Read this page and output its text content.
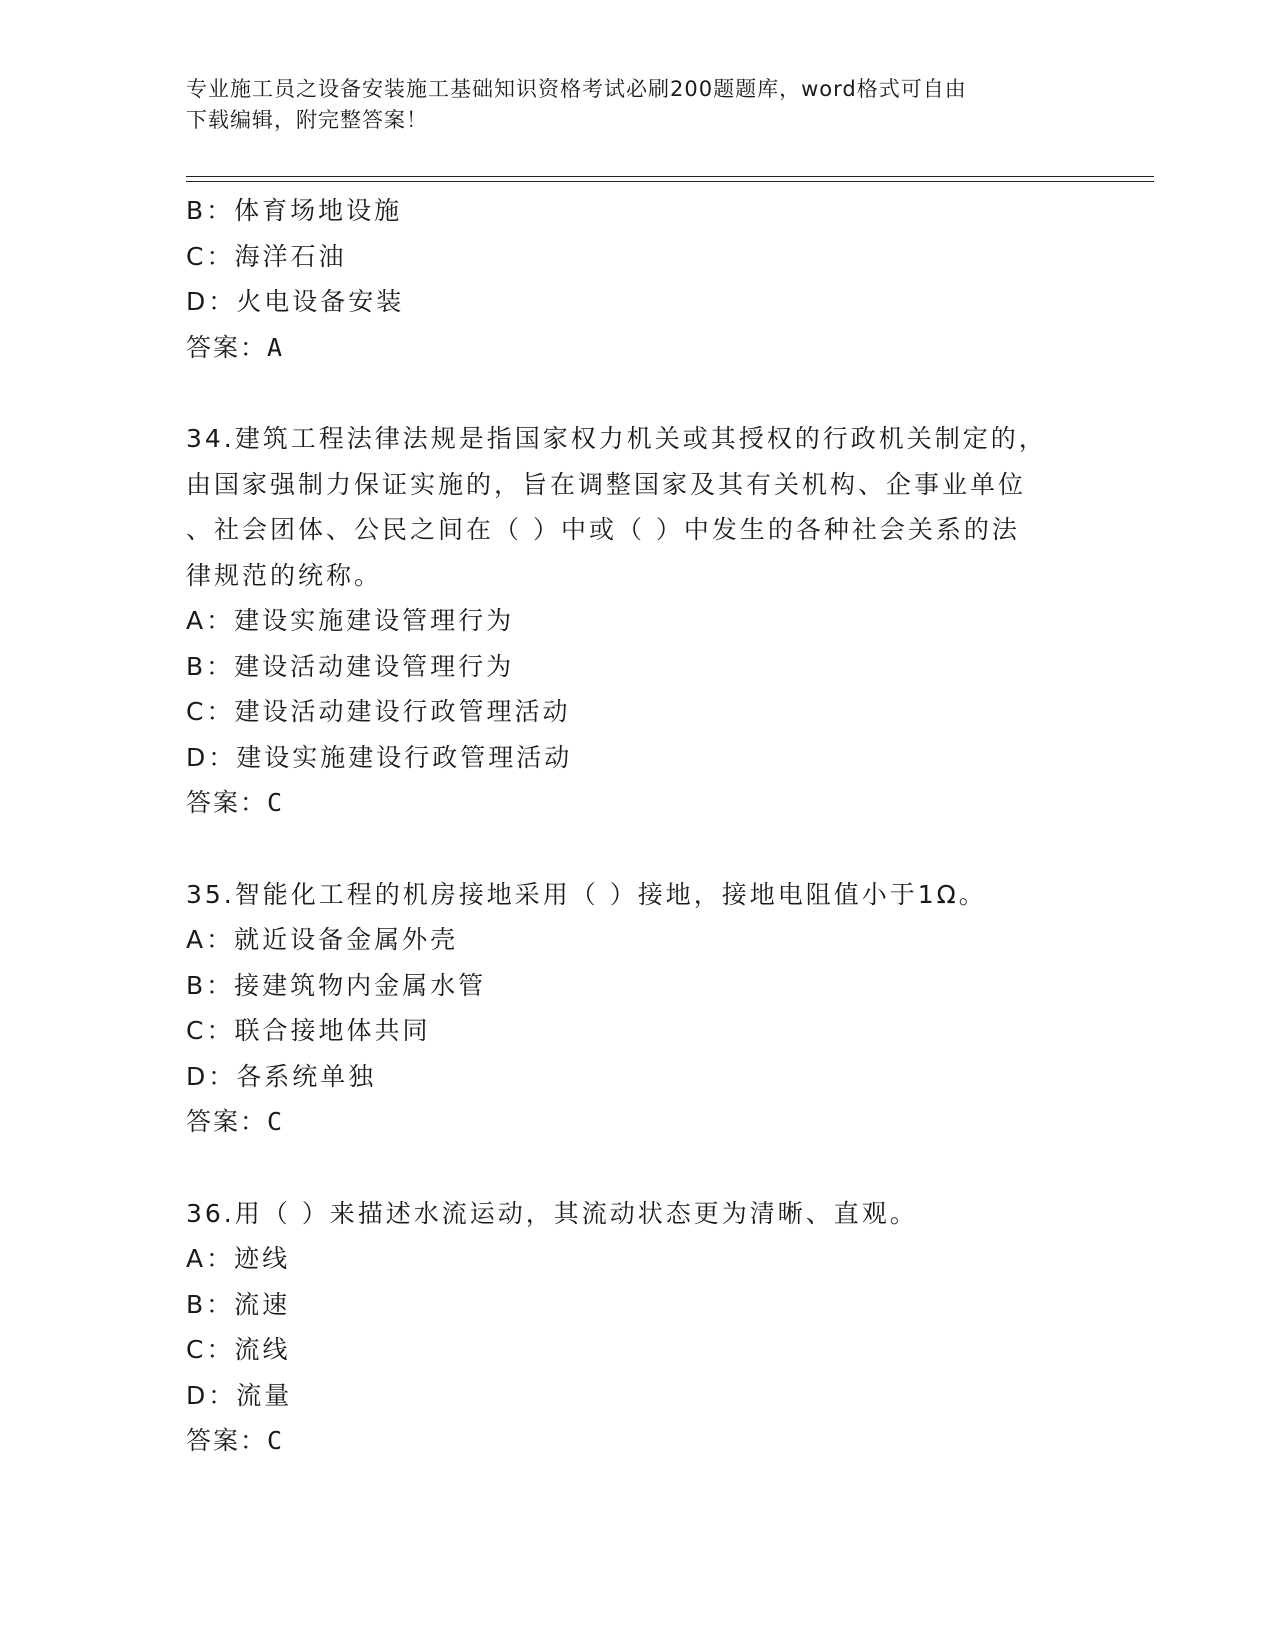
专业施工员之设备安装施工基础知识资格考试必刷200题题库，word格式可自由
下载编辑，附完整答案！
B：体育场地设施
C：海洋石油
D：火电设备安装
答案：A
34.建筑工程法律法规是指国家权力机关或其授权的行政机关制定的，
由国家强制力保证实施的，旨在调整国家及其有关机构、企事业单位
、社会团体、公民之间在（ ）中或（ ）中发生的各种社会关系的法
律规范的统称。
A：建设实施建设管理行为
B：建设活动建设管理行为
C：建设活动建设行政管理活动
D：建设实施建设行政管理活动
答案：C
35.智能化工程的机房接地采用（ ）接地，接地电阻值小于1Ω。
A：就近设备金属外壳
B：接建筑物内金属水管
C：联合接地体共同
D：各系统单独
答案：C
36.用（ ）来描述水流运动，其流动状态更为清晰、直观。
A：迹线
B：流速
C：流线
D：流量
答案：C
